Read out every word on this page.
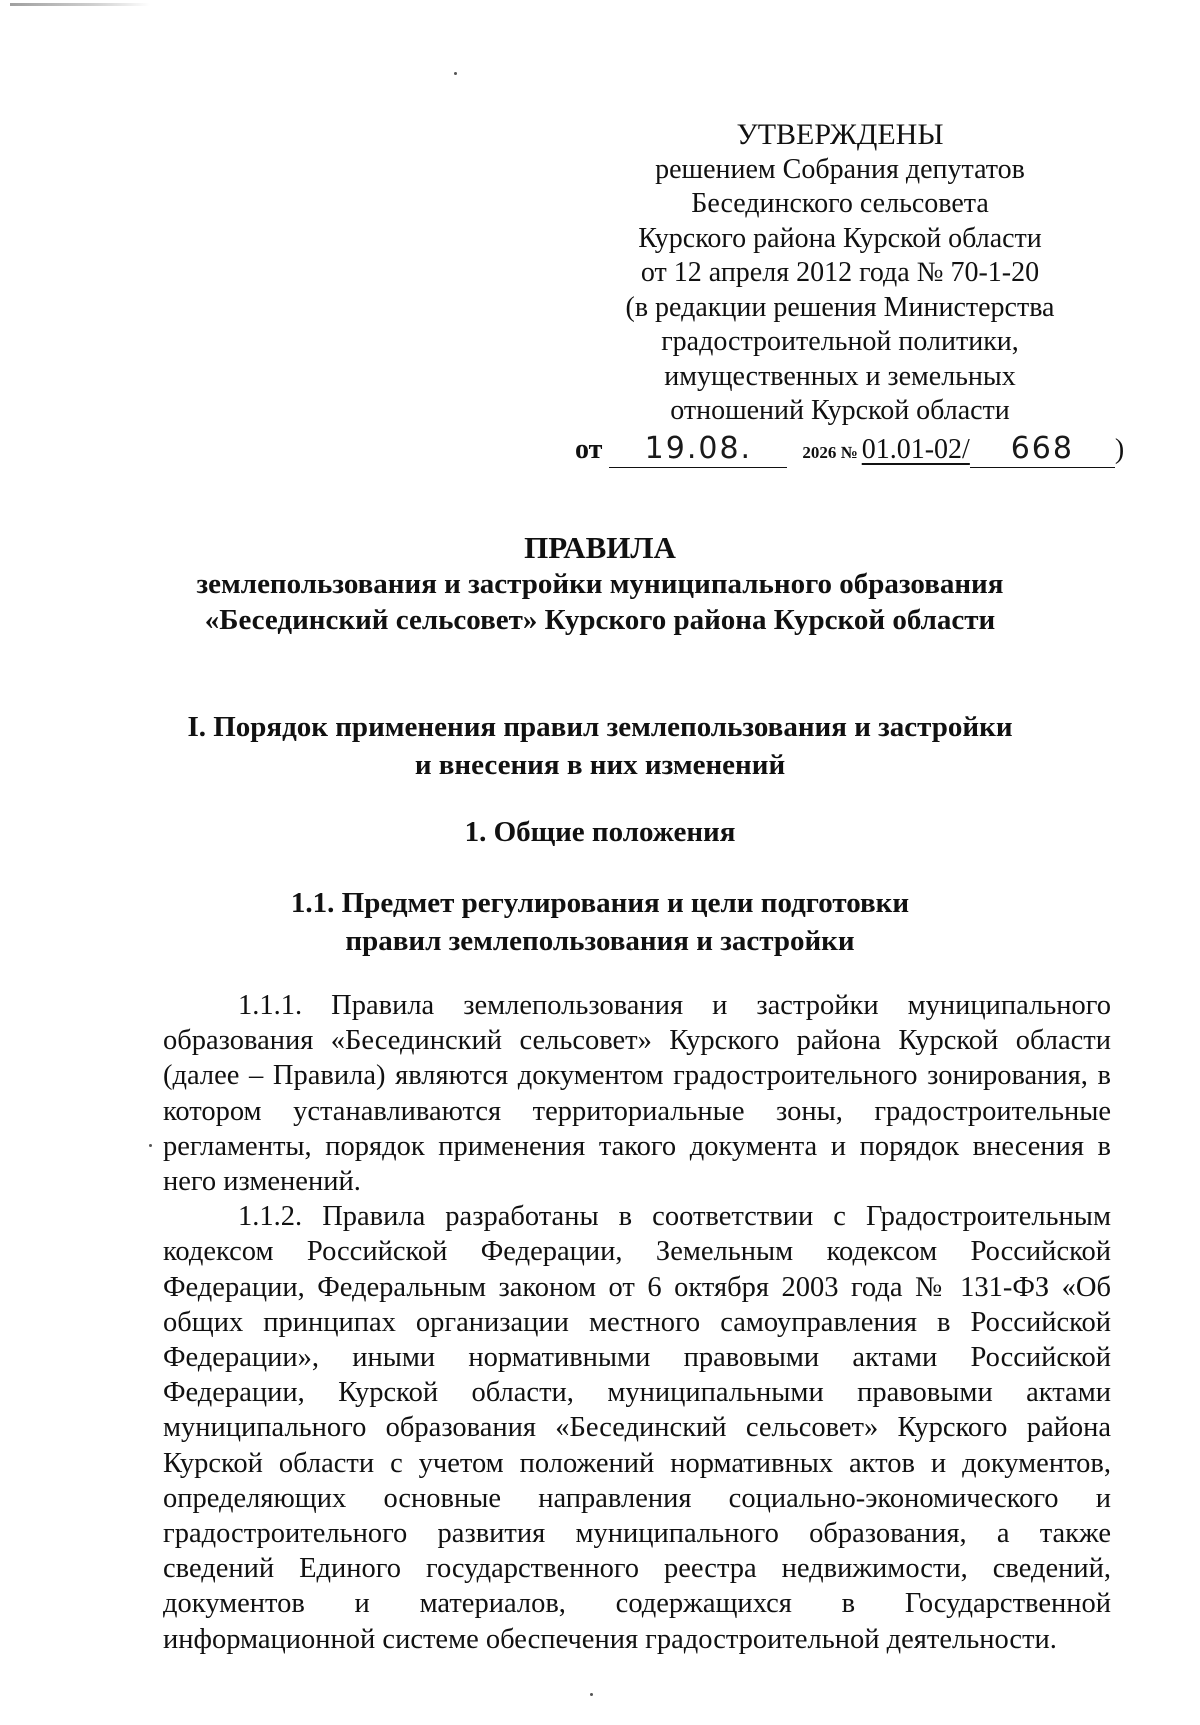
УТВЕРЖДЕНЫ
решением Собрания депутатов
Бесединского сельсовета
Курского района Курской области
от 12 апреля 2012 года № 70-1-20
(в редакции решения Министерства
градостроительной политики,
имущественных и земельных
отношений Курской области
от 19.08.	2026 № 01.01-02/ 668 )
ПРАВИЛА
землепользования и застройки муниципального образования
«Бесединский сельсовет» Курского района Курской области
I. Порядок применения правил землепользования и застройки
и внесения в них изменений
1. Общие положения
1.1. Предмет регулирования и цели подготовки
правил землепользования и застройки

1.1.1. Правила землепользования и застройки муниципального образования «Бесединский сельсовет» Курского района Курской области (далее – Правила) являются документом градостроительного зонирования, в котором устанавливаются территориальные зоны, градостроительные регламенты, порядок применения такого документа и порядок внесения в него изменений.

1.1.2. Правила разработаны в соответствии с Градостроительным кодексом Российской Федерации, Земельным кодексом Российской Федерации, Федеральным законом от 6 октября 2003 года № 131-ФЗ «Об общих принципах организации местного самоуправления в Российской Федерации», иными нормативными правовыми актами Российской Федерации, Курской области, муниципальными правовыми актами муниципального образования «Бесединский сельсовет» Курского района Курской области с учетом положений нормативных актов и документов, определяющих основные направления социально-экономического и градостроительного развития муниципального образования, а также сведений Единого государственного реестра недвижимости, сведений, документов и материалов, содержащихся в Государственной информационной системе обеспечения градостроительной деятельности.
